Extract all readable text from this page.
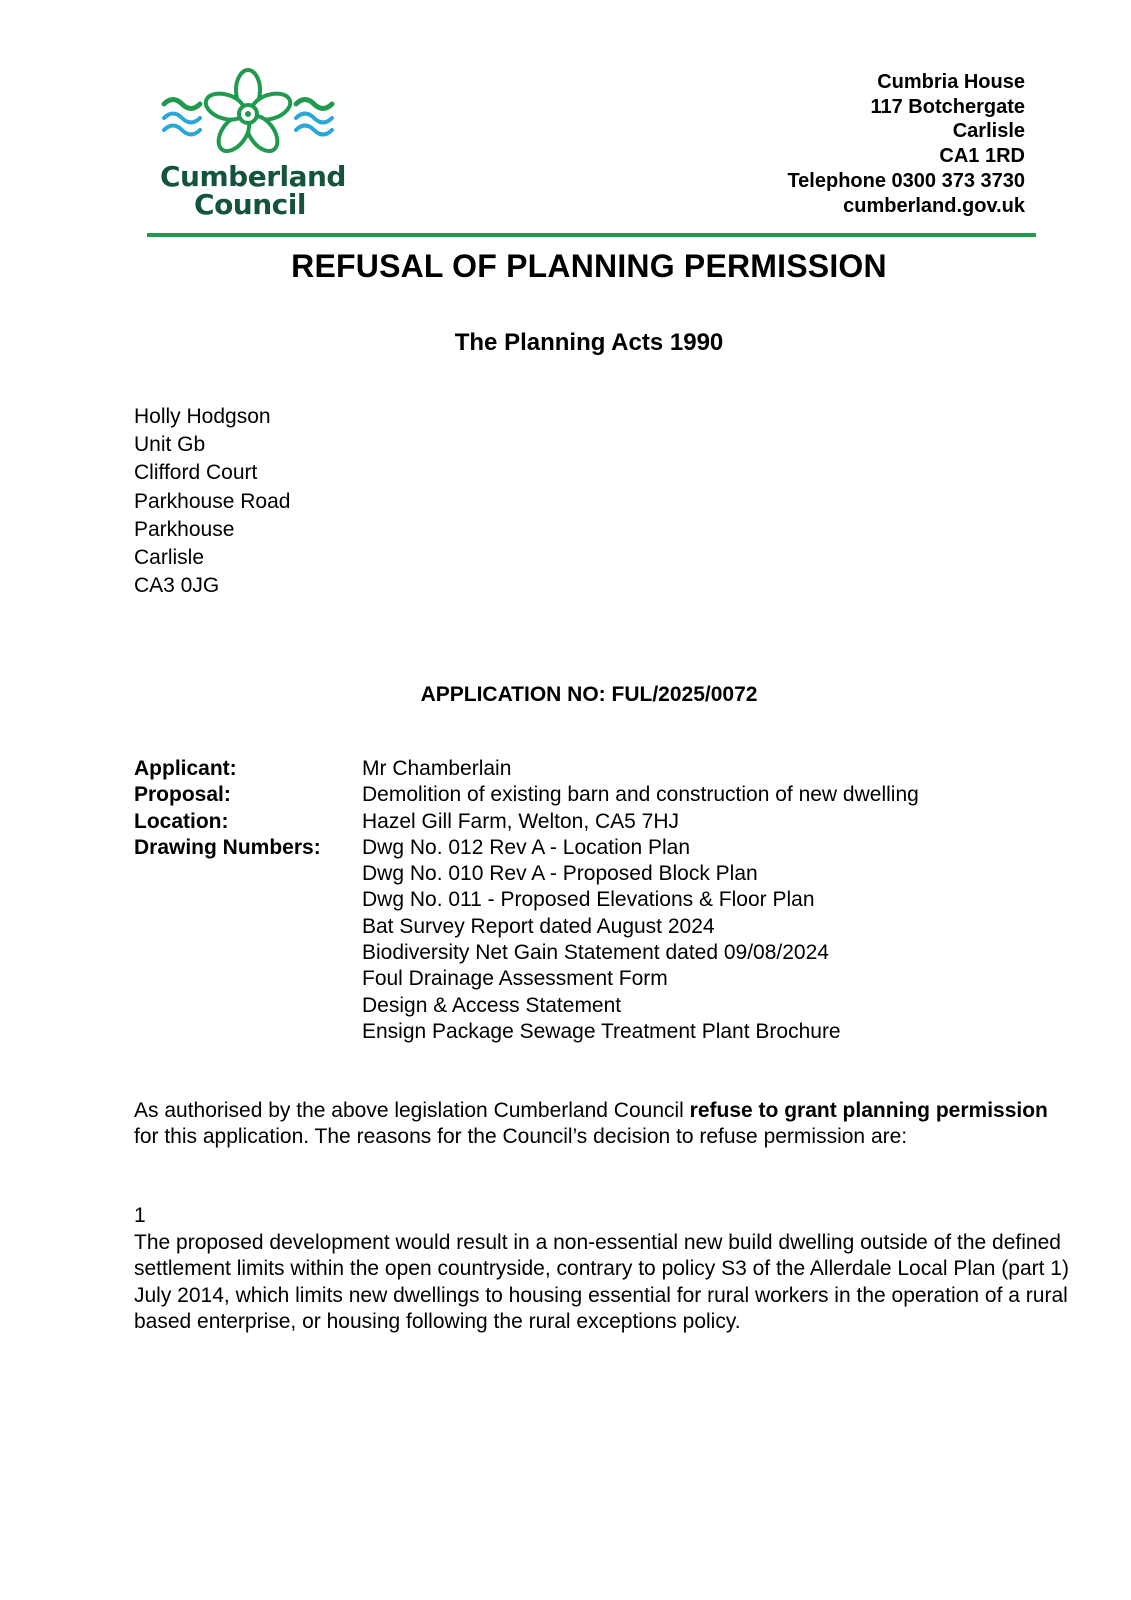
Cumberland
Council
Cumbria House
117 Botchergate
Carlisle
CA1 1RD
Telephone 0300 373 3730
cumberland.gov.uk
REFUSAL OF PLANNING PERMISSION
The Planning Acts 1990
Holly Hodgson
Unit Gb
Clifford Court
Parkhouse Road
Parkhouse
Carlisle
CA3 0JG
APPLICATION NO: FUL/2025/0072
Applicant:	Mr Chamberlain
Proposal:	Demolition of existing barn and construction of new dwelling
Location:	Hazel Gill Farm, Welton, CA5 7HJ
Drawing Numbers:	Dwg No. 012 Rev A - Location Plan
Dwg No. 010 Rev A - Proposed Block Plan
Dwg No. 011 - Proposed Elevations & Floor Plan
Bat Survey Report dated August 2024
Biodiversity Net Gain Statement dated 09/08/2024
Foul Drainage Assessment Form
Design & Access Statement
Ensign Package Sewage Treatment Plant Brochure
As authorised by the above legislation Cumberland Council refuse to grant planning permission for this application. The reasons for the Council’s decision to refuse permission are:
1
The proposed development would result in a non-essential new build dwelling outside of the defined settlement limits within the open countryside, contrary to policy S3 of the Allerdale Local Plan (part 1) July 2014, which limits new dwellings to housing essential for rural workers in the operation of a rural based enterprise, or housing following the rural exceptions policy.
